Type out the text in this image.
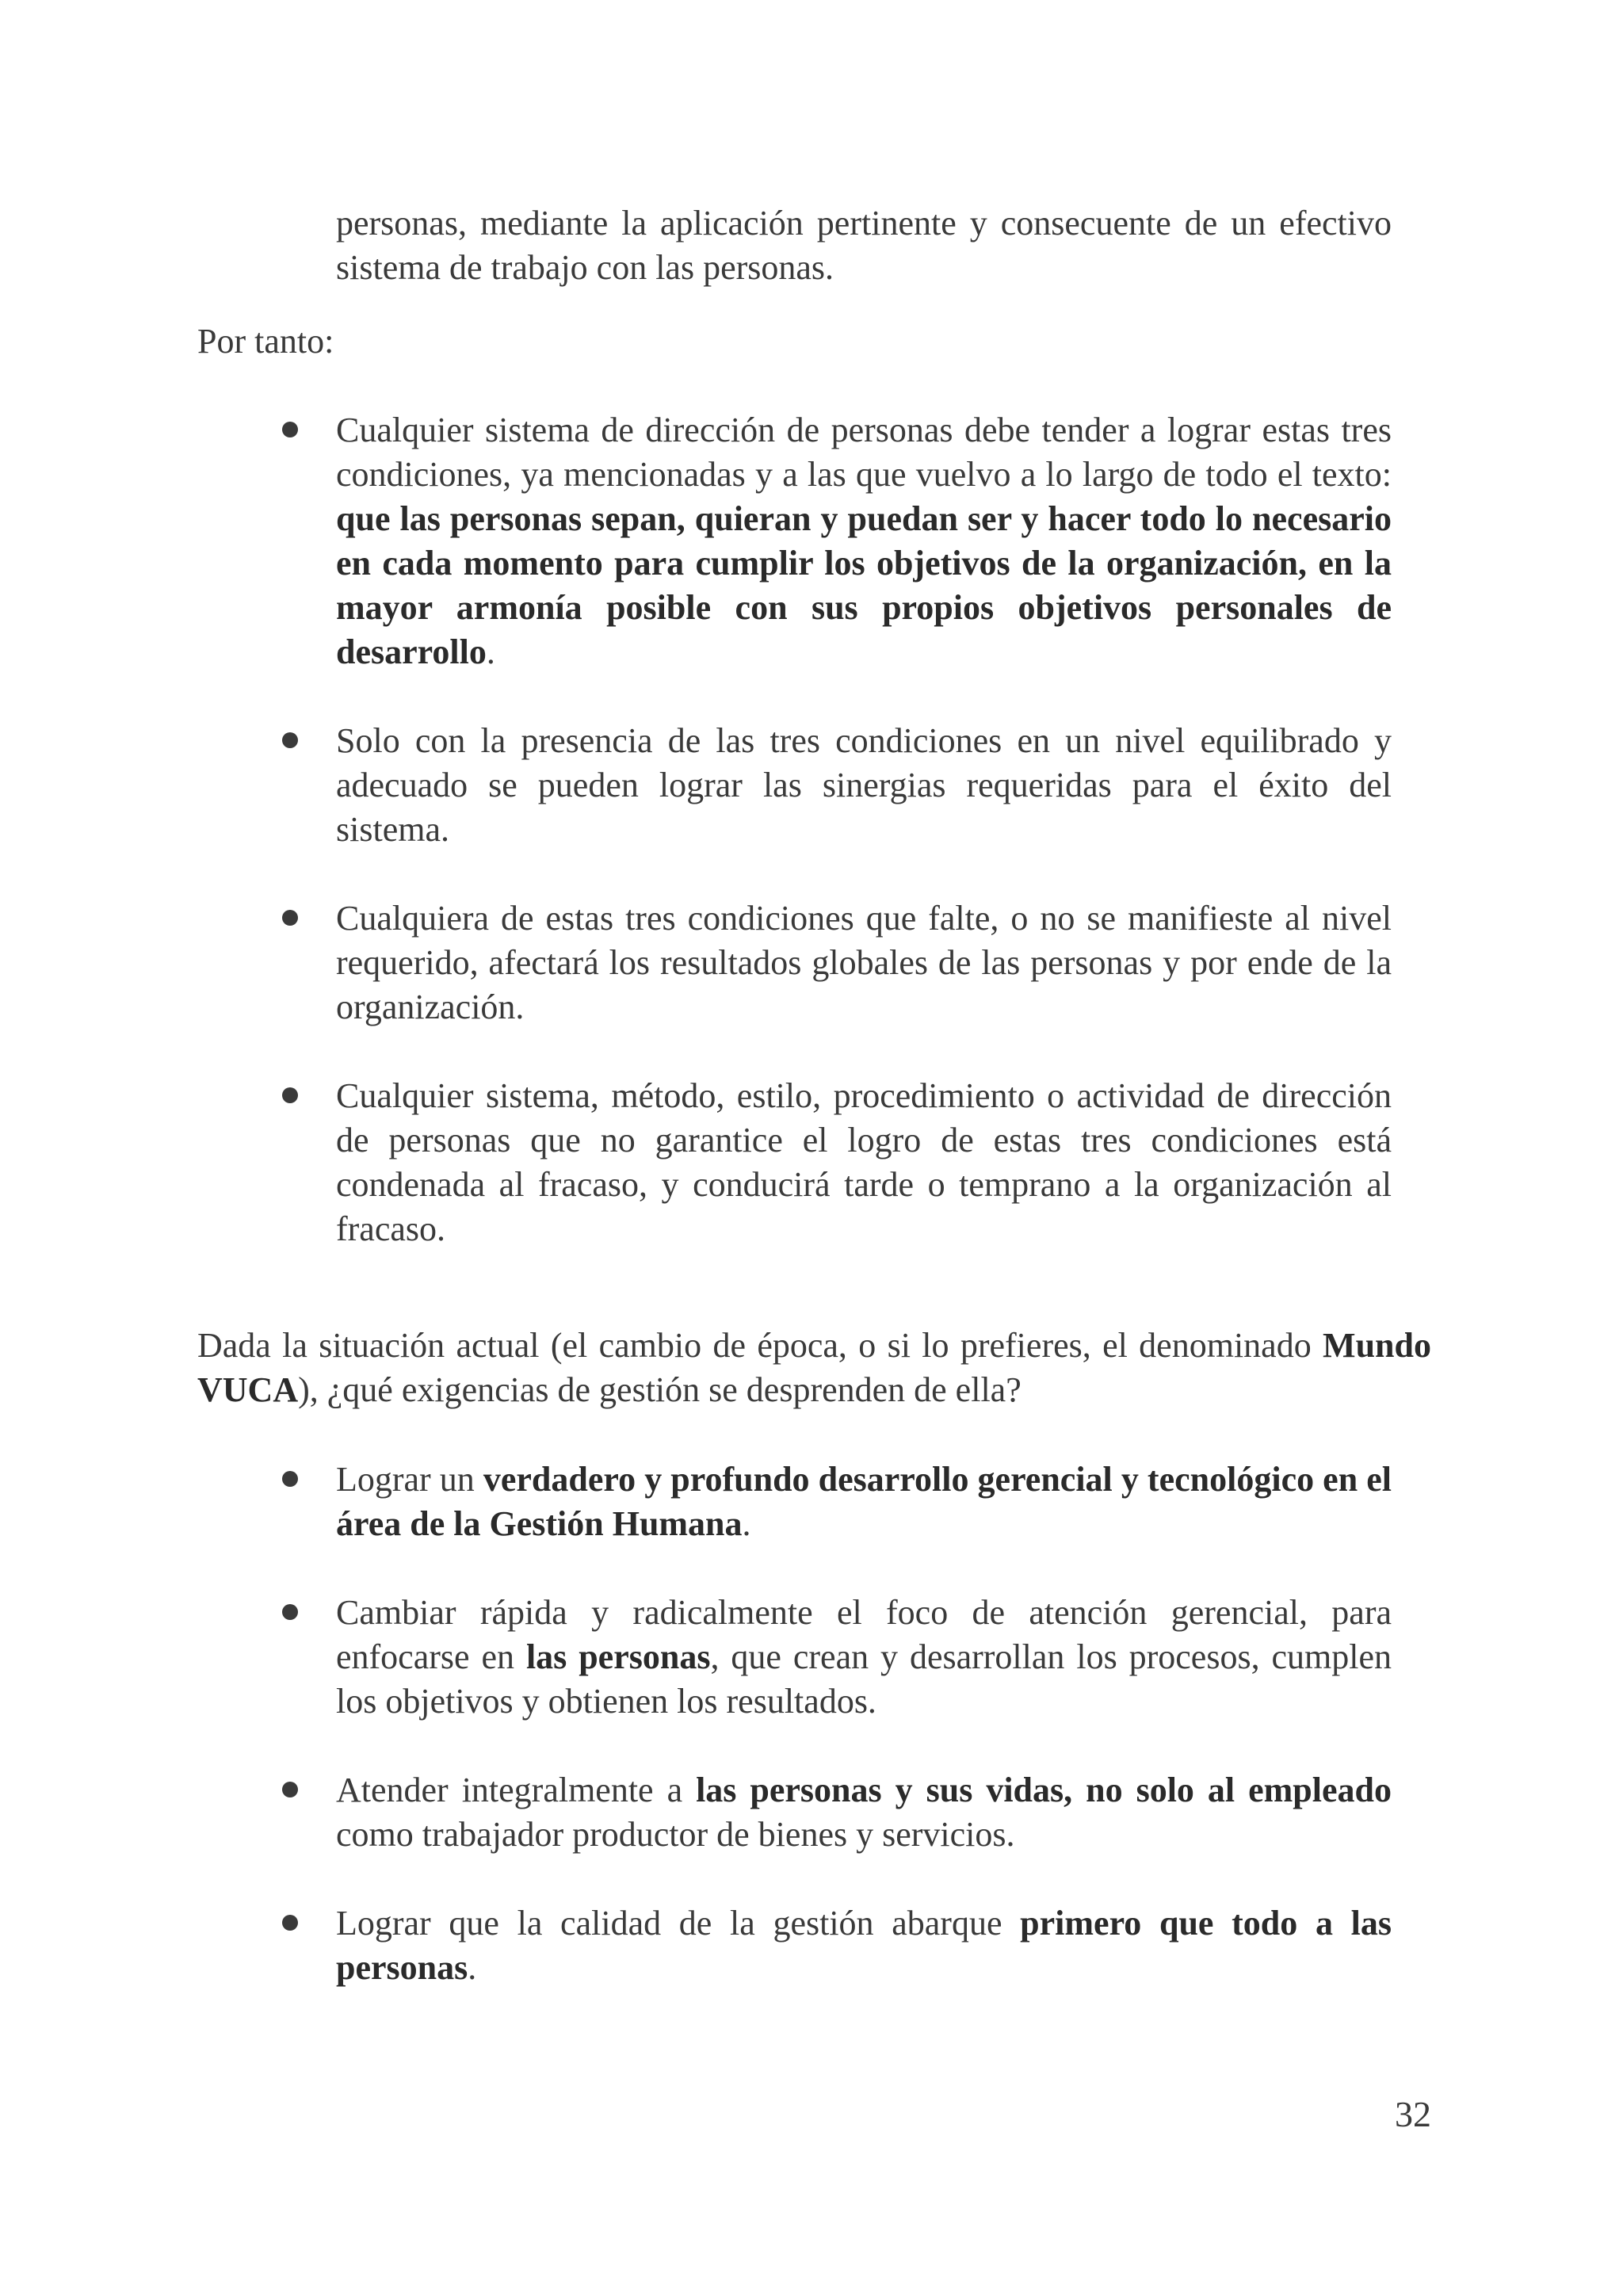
personas, mediante la aplicación pertinente y consecuente de un efectivo sistema de trabajo con las personas.

Por tanto:

Cualquier sistema de dirección de personas debe tender a lograr estas tres condiciones, ya mencionadas y a las que vuelvo a lo largo de todo el texto: que las personas sepan, quieran y puedan ser y hacer todo lo necesario en cada momento para cumplir los objetivos de la organización, en la mayor armonía posible con sus propios objetivos personales de desarrollo.
Solo con la presencia de las tres condiciones en un nivel equilibrado y adecuado se pueden lograr las sinergias requeridas para el éxito del sistema.
Cualquiera de estas tres condiciones que falte, o no se manifieste al nivel requerido, afectará los resultados globales de las personas y por ende de la organización.
Cualquier sistema, método, estilo, procedimiento o actividad de dirección de personas que no garantice el logro de estas tres condiciones está condenada al fracaso, y conducirá tarde o temprano a la organización al fracaso.

Dada la situación actual (el cambio de época, o si lo prefieres, el denominado Mundo VUCA), ¿qué exigencias de gestión se desprenden de ella?

Lograr un verdadero y profundo desarrollo gerencial y tecnológico en el área de la Gestión Humana.
Cambiar rápida y radicalmente el foco de atención gerencial, para enfocarse en las personas, que crean y desarrollan los procesos, cumplen los objetivos y obtienen los resultados.
Atender integralmente a las personas y sus vidas, no solo al empleado como trabajador productor de bienes y servicios.
Lograr que la calidad de la gestión abarque primero que todo a las personas.
32
